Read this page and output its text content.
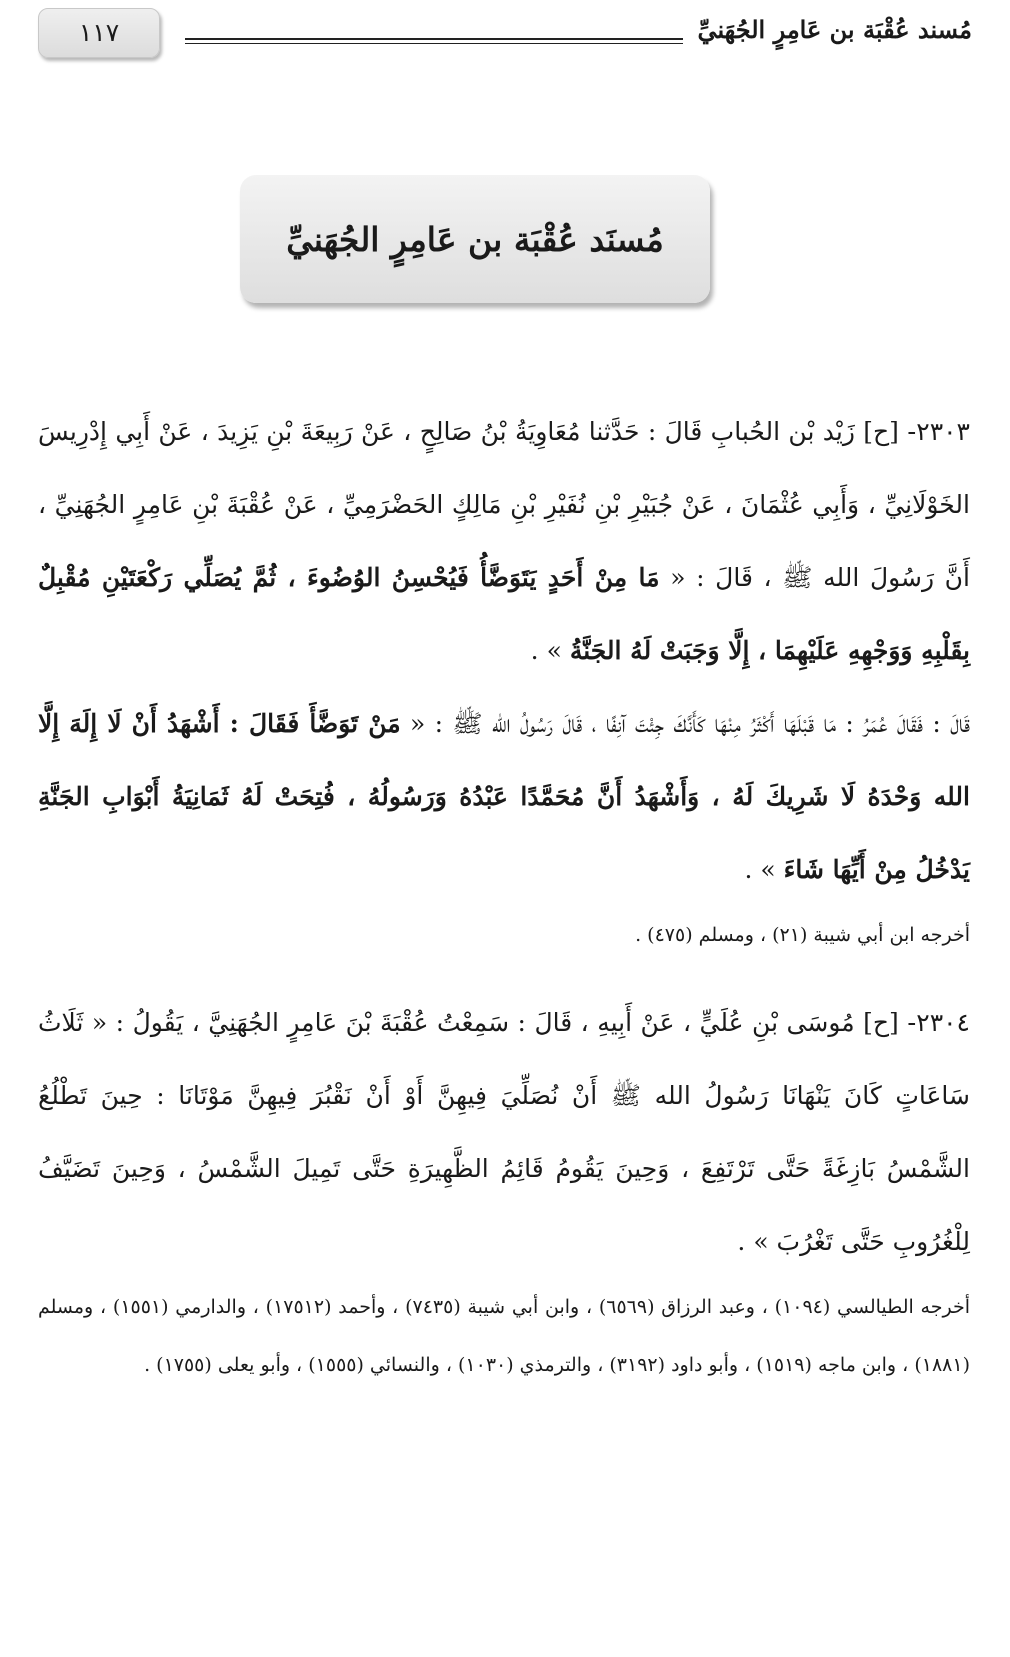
١١٧	مُسند عُقْبَة بن عَامِرٍ الجُهَنيِّ
مُسنَد عُقْبَة بن عَامِرٍ الجُهَنيِّ

٢٣٠٣- [ح] زَيْد بْن الحُبابِ قَالَ : حَدَّثنا مُعَاوِيَةُ بْنُ صَالِحٍ ، عَنْ رَبِيعَةَ بْنِ يَزِيدَ ، عَنْ أَبِي إِدْرِيسَ الخَوْلَانِيِّ ، وَأَبِي عُثْمَانَ ، عَنْ جُبَيْرِ بْنِ نُفَيْرِ بْنِ مَالِكٍ الحَضْرَمِيِّ ، عَنْ عُقْبَةَ بْنِ عَامِرٍ الجُهَنِيِّ ، أَنَّ رَسُولَ الله ﷺ ، قَالَ : « مَا مِنْ أَحَدٍ يَتَوَضَّأُ فَيُحْسِنُ الوُضُوءَ ، ثُمَّ يُصَلِّي رَكْعَتَيْنِ مُقْبِلٌ بِقَلْبِهِ وَوَجْهِهِ عَلَيْهِمَا ، إِلَّا وَجَبَتْ لَهُ الجَنَّةُ » .

قَالَ : فَقَالَ عُمَرُ : مَا قَبْلَهَا أَكْثَرُ مِنْهَا كَأَنَّكَ جِئْتَ آنِفًا ، قَالَ رَسُولُ الله ﷺ : « مَنْ تَوَضَّأَ فَقَالَ : أَشْهَدُ أَنْ لَا إِلَهَ إِلَّا الله وَحْدَهُ لَا شَرِيكَ لَهُ ، وَأَشْهَدُ أَنَّ مُحَمَّدًا عَبْدُهُ وَرَسُولُهُ ، فُتِحَتْ لَهُ ثَمَانِيَةُ أَبْوَابِ الجَنَّةِ يَدْخُلُ مِنْ أَيِّهَا شَاءَ » .

أخرجه ابن أبي شيبة (٢١) ، ومسلم (٤٧٥) .

٢٣٠٤- [ح] مُوسَى بْنِ عُلَيٍّ ، عَنْ أَبِيهِ ، قَالَ : سَمِعْتُ عُقْبَةَ بْنَ عَامِرٍ الجُهَنِيَّ ، يَقُولُ : « ثَلَاثُ سَاعَاتٍ كَانَ يَنْهَانَا رَسُولُ الله ﷺ أَنْ نُصَلِّيَ فِيهِنَّ أَوْ أَنْ نَقْبُرَ فِيهِنَّ مَوْتَانَا : حِينَ تَطْلُعُ الشَّمْسُ بَازِغَةً حَتَّى تَرْتَفِعَ ، وَحِينَ يَقُومُ قَائِمُ الظَّهِيرَةِ حَتَّى تَمِيلَ الشَّمْسُ ، وَحِينَ تَضَيَّفُ لِلْغُرُوبِ حَتَّى تَغْرُبَ » .

أخرجه الطيالسي (١٠٩٤) ، وعبد الرزاق (٦٥٦٩) ، وابن أبي شيبة (٧٤٣٥) ، وأحمد (١٧٥١٢) ، والدارمي (١٥٥١) ، ومسلم (١٨٨١) ، وابن ماجه (١٥١٩) ، وأبو داود (٣١٩٢) ، والترمذي (١٠٣٠) ، والنسائي (١٥٥٥) ، وأبو يعلى (١٧٥٥) .
